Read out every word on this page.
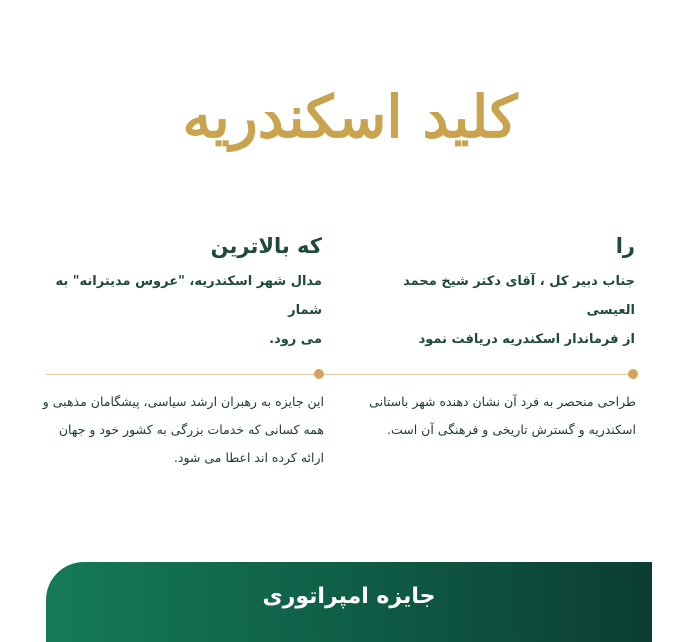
کلید اسکندریه

را

جناب دبیر کل ، آقای دکتر شیخ محمد العیسی

از فرماندار اسکندریه دریافت نمود

که بالاترین

مدال شهر اسکندریه، "عروس مدیترانه" به شمار

می رود.

طراحی منحصر به فرد آن نشان دهنده شهر باستانی
اسکندریه و گسترش تاریخی و فرهنگی آن است.
این جایزه به رهبران ارشد سیاسی، پیشگامان مذهبی و
همه کسانی که خدمات بزرگی به کشور خود و جهان
ارائه کرده اند اعطا می شود.
جایزه امپراتوری
